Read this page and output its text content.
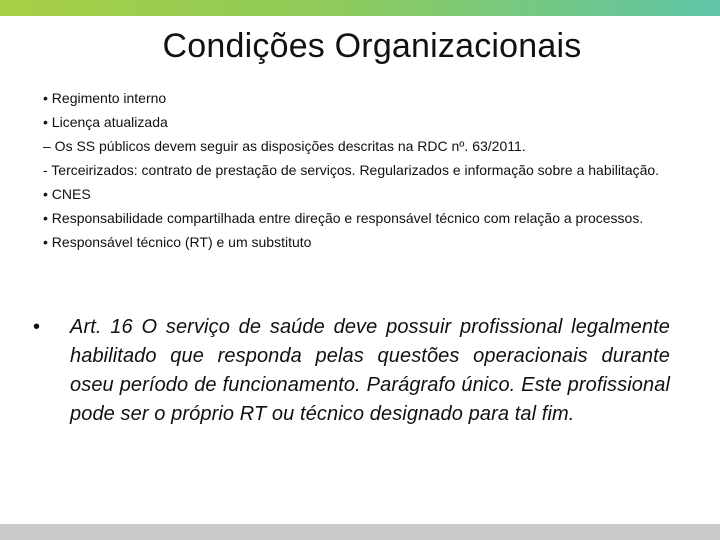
Condições Organizacionais

• Regimento interno

• Licença atualizada

– Os SS públicos devem seguir as disposições descritas na RDC nº. 63/2011.

- Terceirizados: contrato de prestação de serviços. Regularizados e informação sobre a habilitação.

• CNES

• Responsabilidade compartilhada entre direção e responsável técnico com relação a processos.

• Responsável técnico (RT) e um substituto

•	Art. 16 O serviço de saúde deve possuir profissional legalmente habilitado que responda pelas questões operacionais durante oseu período de funcionamento. Parágrafo único. Este profissional pode ser o próprio RT ou técnico designado para tal fim.
